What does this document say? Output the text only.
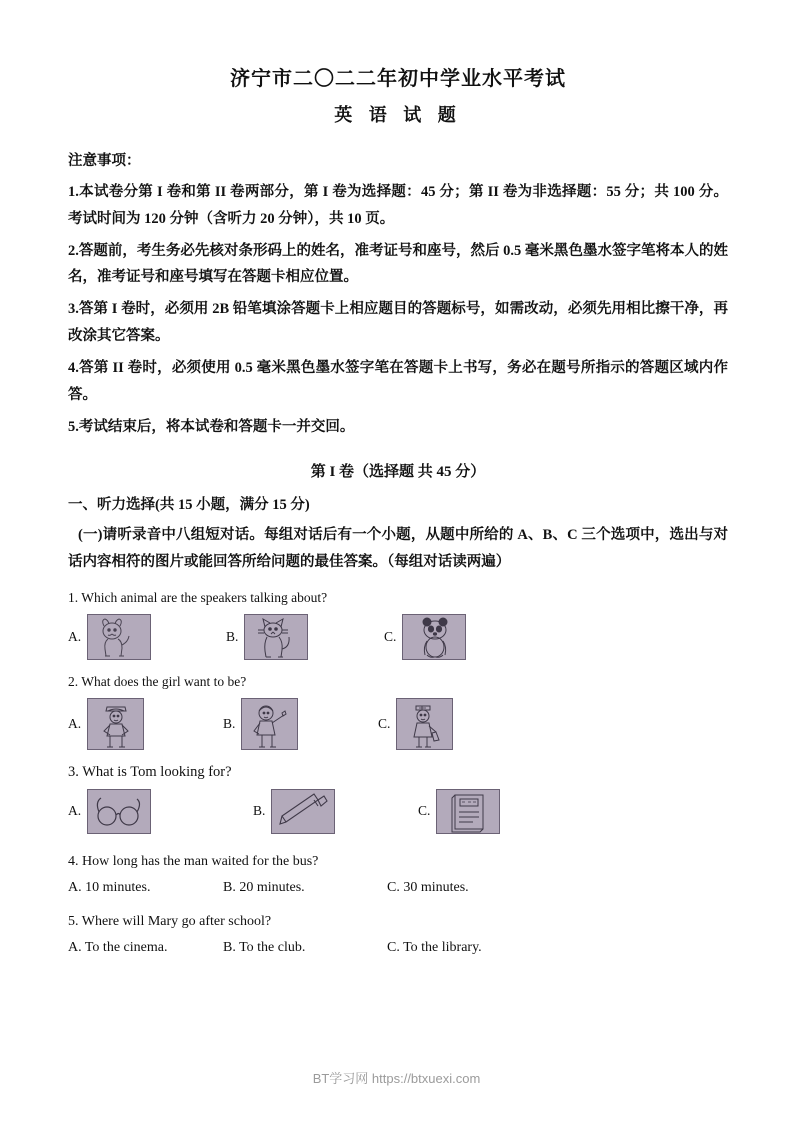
济宁市二〇二二年初中学业水平考试
英 语 试 题
注意事项：
1.本试卷分第 I 卷和第 II 卷两部分，第 I 卷为选择题：45 分；第 II 卷为非选择题：55 分；共 100 分。考试时间为 120 分钟（含听力 20 分钟），共 10 页。
2.答题前，考生务必先核对条形码上的姓名，准考证号和座号，然后 0.5 毫米黑色墨水签字笔将本人的姓名，准考证号和座号填写在答题卡相应位置。
3.答第 I 卷时，必须用 2B 铅笔填涂答题卡上相应题目的答题标号，如需改动，必须先用相比擦干净，再改涂其它答案。
4.答第 II 卷时，必须使用 0.5 毫米黑色墨水签字笔在答题卡上书写，务必在题号所指示的答题区域内作答。
5.考试结束后，将本试卷和答题卡一并交回。
第 I 卷（选择题 共 45 分）
一、听力选择(共 15 小题，满分 15 分)
(一)请听录音中八组短对话。每组对话后有一个小题，从题中所给的 A、B、C 三个选项中，选出与对话内容相符的图片或能回答所给问题的最佳答案。（每组对话读两遍）
1. Which animal are the speakers talking about?
A.	B.	C.
2. What does the girl want to be?
A.	B.	C.
3. What is Tom looking for?
A.	B.	C.
4. How long has the man waited for the bus?
A. 10 minutes.	B. 20 minutes.	C. 30 minutes.
5. Where will Mary go after school?
A. To the cinema.	B. To the club.	C. To the library.
BT学习网 https://btxuexi.com
